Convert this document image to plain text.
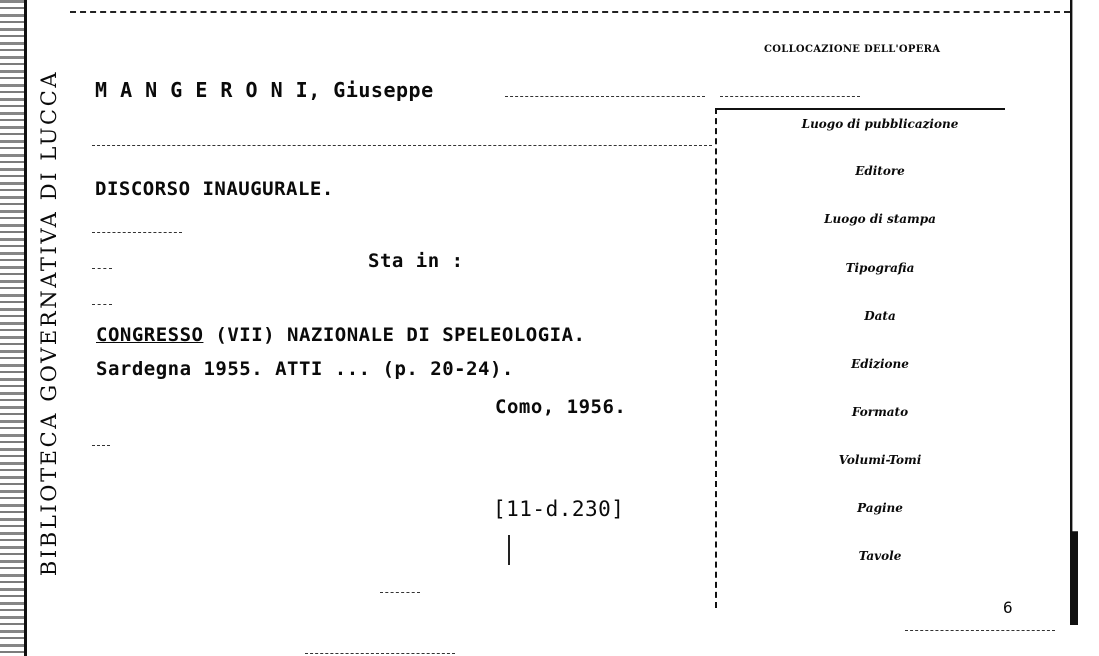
BIBLIOTECA GOVERNATIVA DI LUCCA
COLLOCAZIONE DELL'OPERA
M A N G E R O N I, Giuseppe
DISCORSO INAUGURALE.
Sta in :
CONGRESSO (VII) NAZIONALE DI SPELEOLOGIA.
Sardegna 1955. ATTI ... (p. 20-24).
Como, 1956.
[11-d.230]
Luogo di pubblicazione
Editore
Luogo di stampa
Tipografia
Data
Edizione
Formato
Volumi-Tomi
Pagine
Tavole
6
